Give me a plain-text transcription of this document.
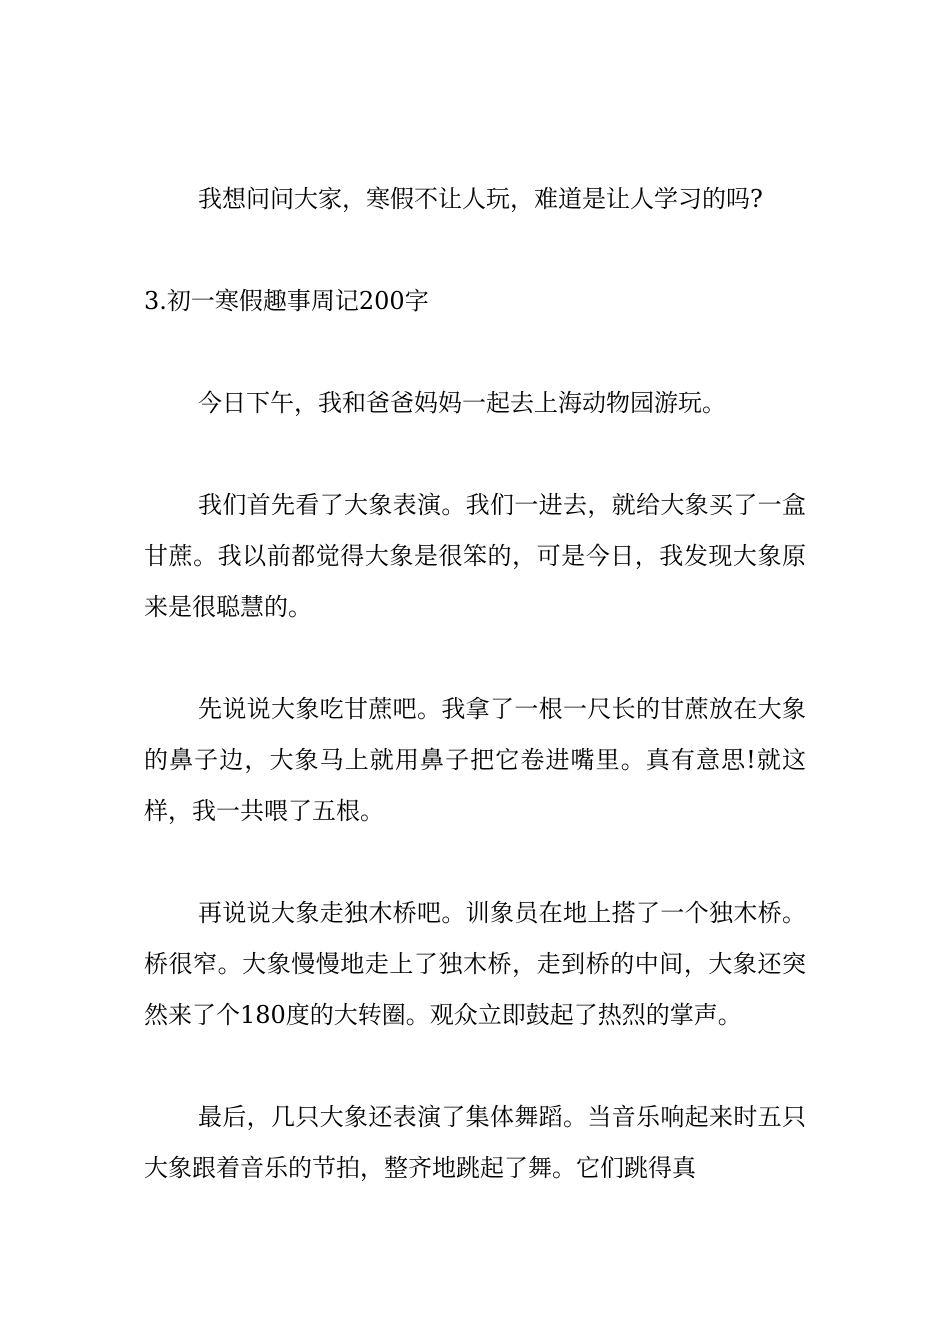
我想问问大家，寒假不让人玩，难道是让人学习的吗?

3.初一寒假趣事周记200字

今日下午，我和爸爸妈妈一起去上海动物园游玩。

我们首先看了大象表演。我们一进去，就给大象买了一盒甘蔗。我以前都觉得大象是很笨的，可是今日，我发现大象原来是很聪慧的。

先说说大象吃甘蔗吧。我拿了一根一尺长的甘蔗放在大象的鼻子边，大象马上就用鼻子把它卷进嘴里。真有意思!就这样，我一共喂了五根。

再说说大象走独木桥吧。训象员在地上搭了一个独木桥。桥很窄。大象慢慢地走上了独木桥，走到桥的中间，大象还突然来了个180度的大转圈。观众立即鼓起了热烈的掌声。

最后，几只大象还表演了集体舞蹈。当音乐响起来时五只大象跟着音乐的节拍，整齐地跳起了舞。它们跳得真
